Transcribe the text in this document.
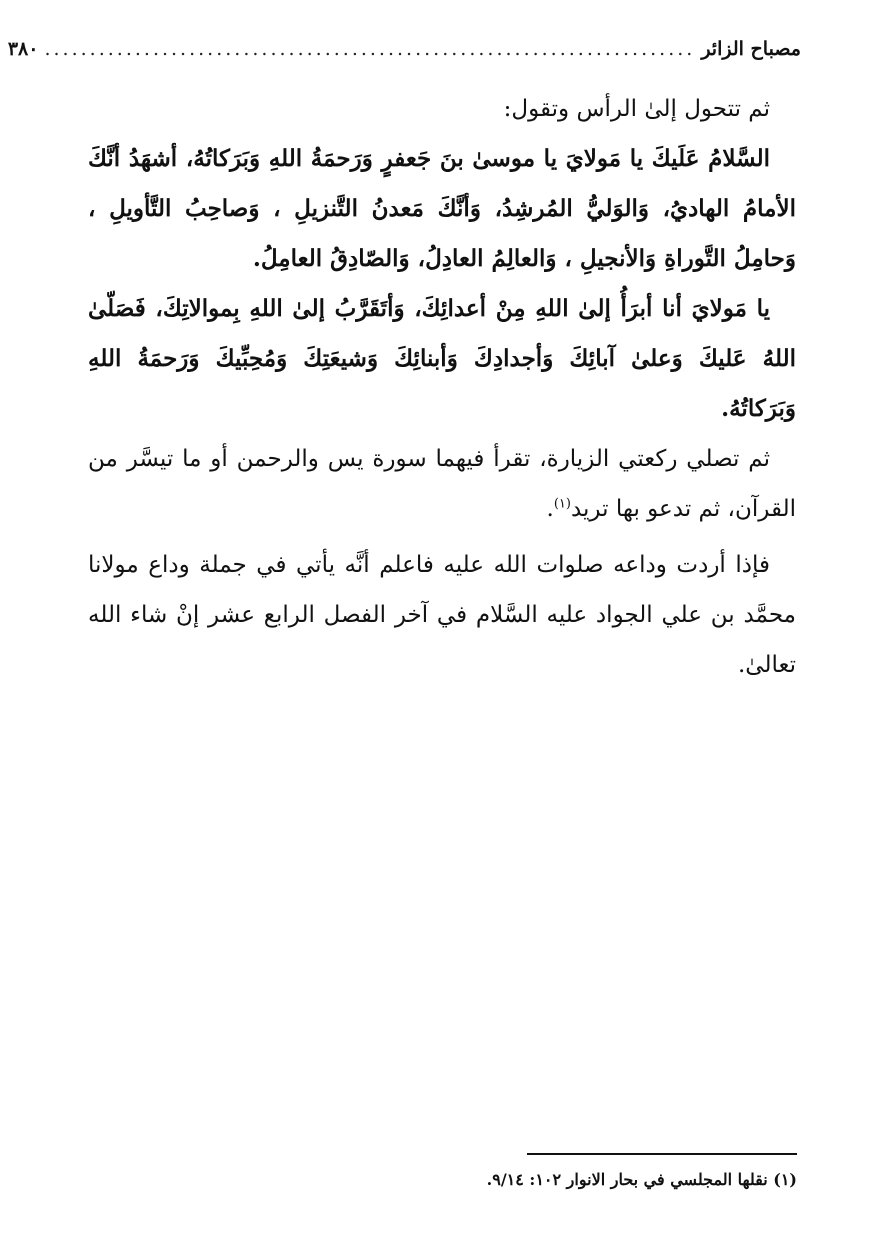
مصباح الزائر
........................................................................
٣٨٠

ثم تتحول إلىٰ الرأس وتقول:

السَّلامُ عَلَيكَ يا مَولايَ يا موسىٰ بنَ جَعفرٍ وَرَحمَةُ اللهِ وَبَرَكاتُهُ، أشهَدُ أنَّكَ الأمامُ الهاديُ، وَالوَليُّ المُرشِدُ، وَأنَّكَ مَعدنُ التَّنزيلِ ، وَصاحِبُ التَّأويلِ ، وَحامِلُ التَّوراةِ وَالأنجيلِ ، وَالعالِمُ العادِلُ، وَالصّادِقُ العامِلُ.

يا مَولايَ أنا أبرَأُ إلىٰ اللهِ مِنْ أعدائِكَ، وَأتَقَرَّبُ إلىٰ اللهِ بِموالاتِكَ، فَصَلّىٰ اللهُ عَليكَ وَعلىٰ آبائِكَ وَأجدادِكَ وَأبنائِكَ وَشيعَتِكَ وَمُحِبِّيكَ وَرَحمَةُ اللهِ وَبَرَكاتُهُ.

ثم تصلي ركعتي الزيارة، تقرأ فيهما سورة يس والرحمن أو ما تيسَّر من القرآن، ثم تدعو بها تريد$^{(١)}$.

فإذا أردت وداعه صلوات الله عليه فاعلم أنَّه يأتي في جملة وداع مولانا محمَّد بن علي الجواد عليه السَّلام في آخر الفصل الرابع عشر إنْ شاء الله تعالىٰ.

(١) نقلها المجلسي في بحار الانوار ١٠٢: ٩/١٤.
